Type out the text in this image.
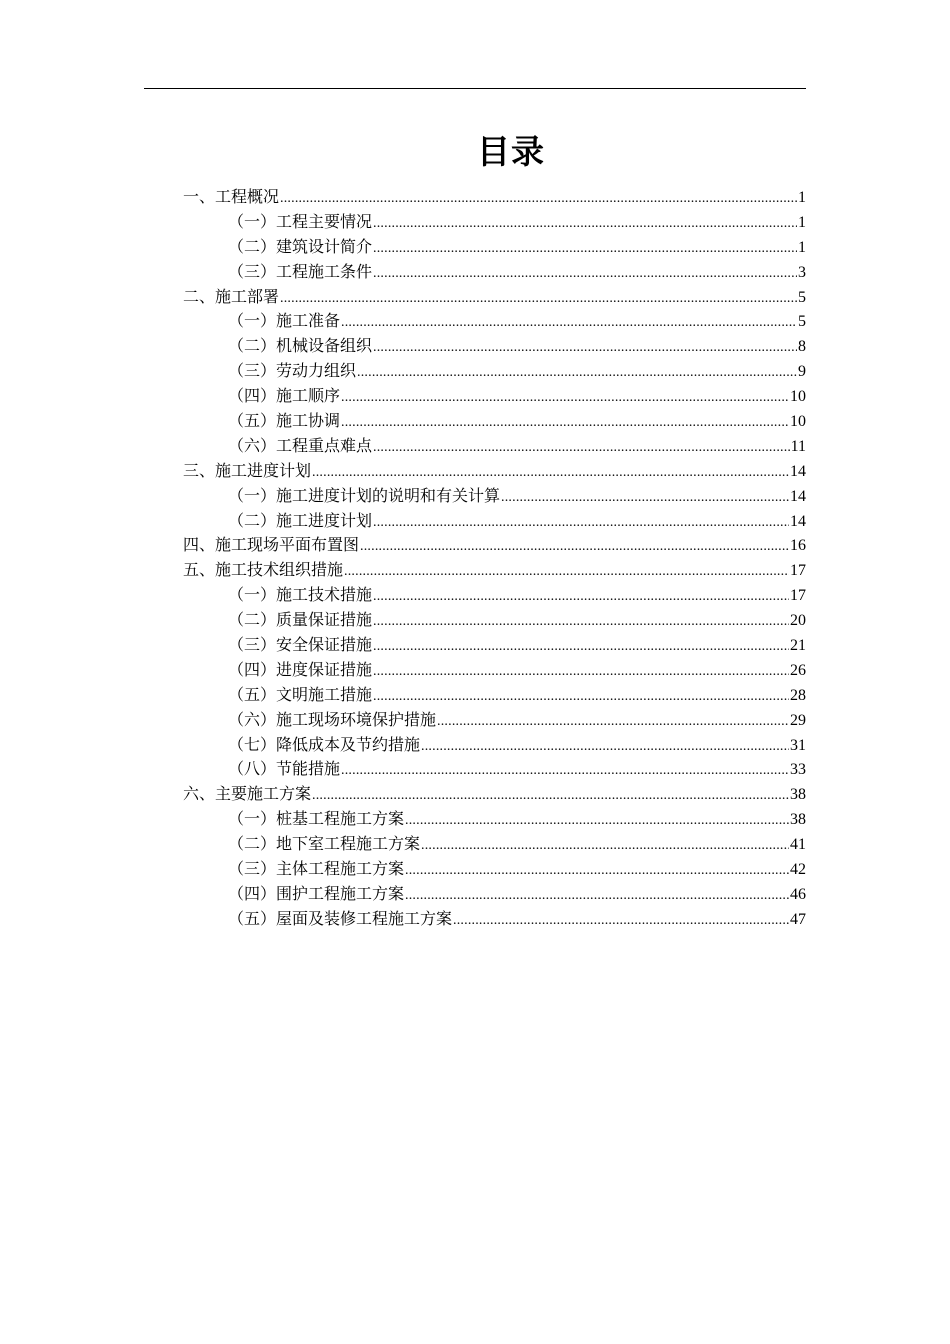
目录
一、工程概况 .....	1
（一）工程主要情况 .....	1
（二）建筑设计简介 .....	1
（三）工程施工条件 .....	3
二、施工部署 .....	5
（一）施工准备 .....	5
（二）机械设备组织 .....	8
（三）劳动力组织 .....	9
（四）施工顺序 .....	10
（五）施工协调 .....	10
（六）工程重点难点 .....	11
三、施工进度计划 .....	14
（一）施工进度计划的说明和有关计算 .....	14
（二）施工进度计划 .....	14
四、施工现场平面布置图 .....	16
五、施工技术组织措施 .....	17
（一）施工技术措施 .....	17
（二）质量保证措施 .....	20
（三）安全保证措施 .....	21
（四）进度保证措施 .....	26
（五）文明施工措施 .....	28
（六）施工现场环境保护措施 .....	29
（七）降低成本及节约措施 .....	31
（八）节能措施 .....	33
六、主要施工方案 .....	38
（一）桩基工程施工方案 .....	38
（二）地下室工程施工方案 .....	41
（三）主体工程施工方案 .....	42
（四）围护工程施工方案 .....	46
（五）屋面及装修工程施工方案 .....	47
